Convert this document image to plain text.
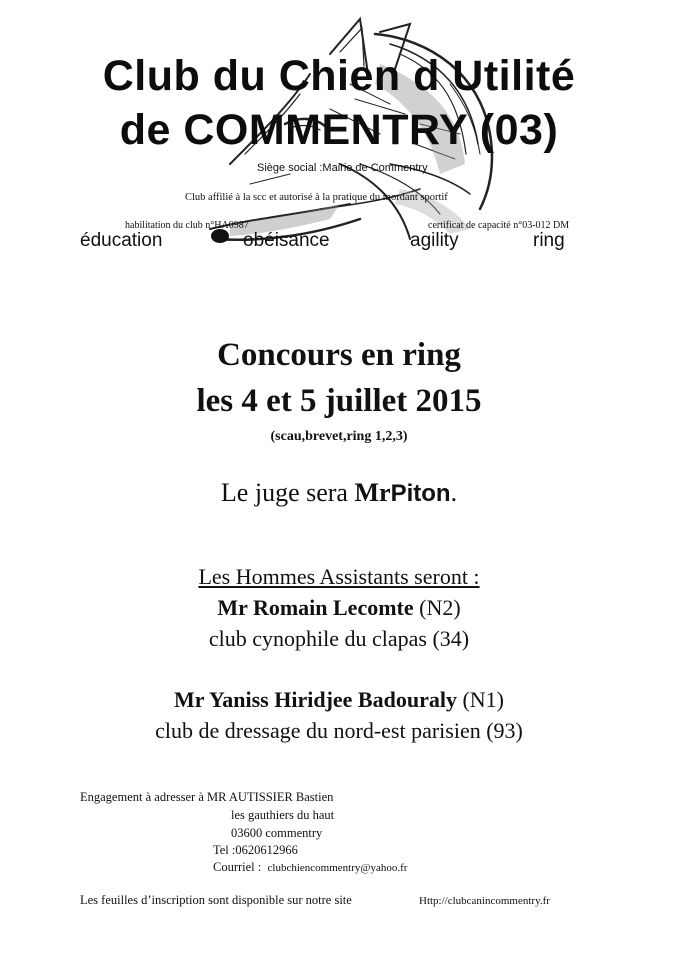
Club du Chien d Utilité
de COMMENTRY (03)
Siège social :Mairie de Commentry
Club affilié à la scc et autorisé à la pratique du mordant sportif
habilitation du club n°HA0987	certificat de capacité n°03-012 DM
éducation	obéisance	agility	ring
Concours en ring
les 4 et 5 juillet 2015
(scau,brevet,ring 1,2,3)
Le juge sera MrPiton.
Les Hommes Assistants seront :
Mr Romain Lecomte (N2)
club cynophile du clapas (34)
Mr Yaniss Hiridjee Badouraly (N1)
club de dressage du nord-est parisien (93)
Engagement à adresser à MR AUTISSIER Bastien
les gauthiers du haut
03600 commentry
Tel :0620612966
Courriel : clubchiencommentry@yahoo.fr
Les feuilles d’inscription sont disponible sur notre site	Http://clubcanincommentry.fr
